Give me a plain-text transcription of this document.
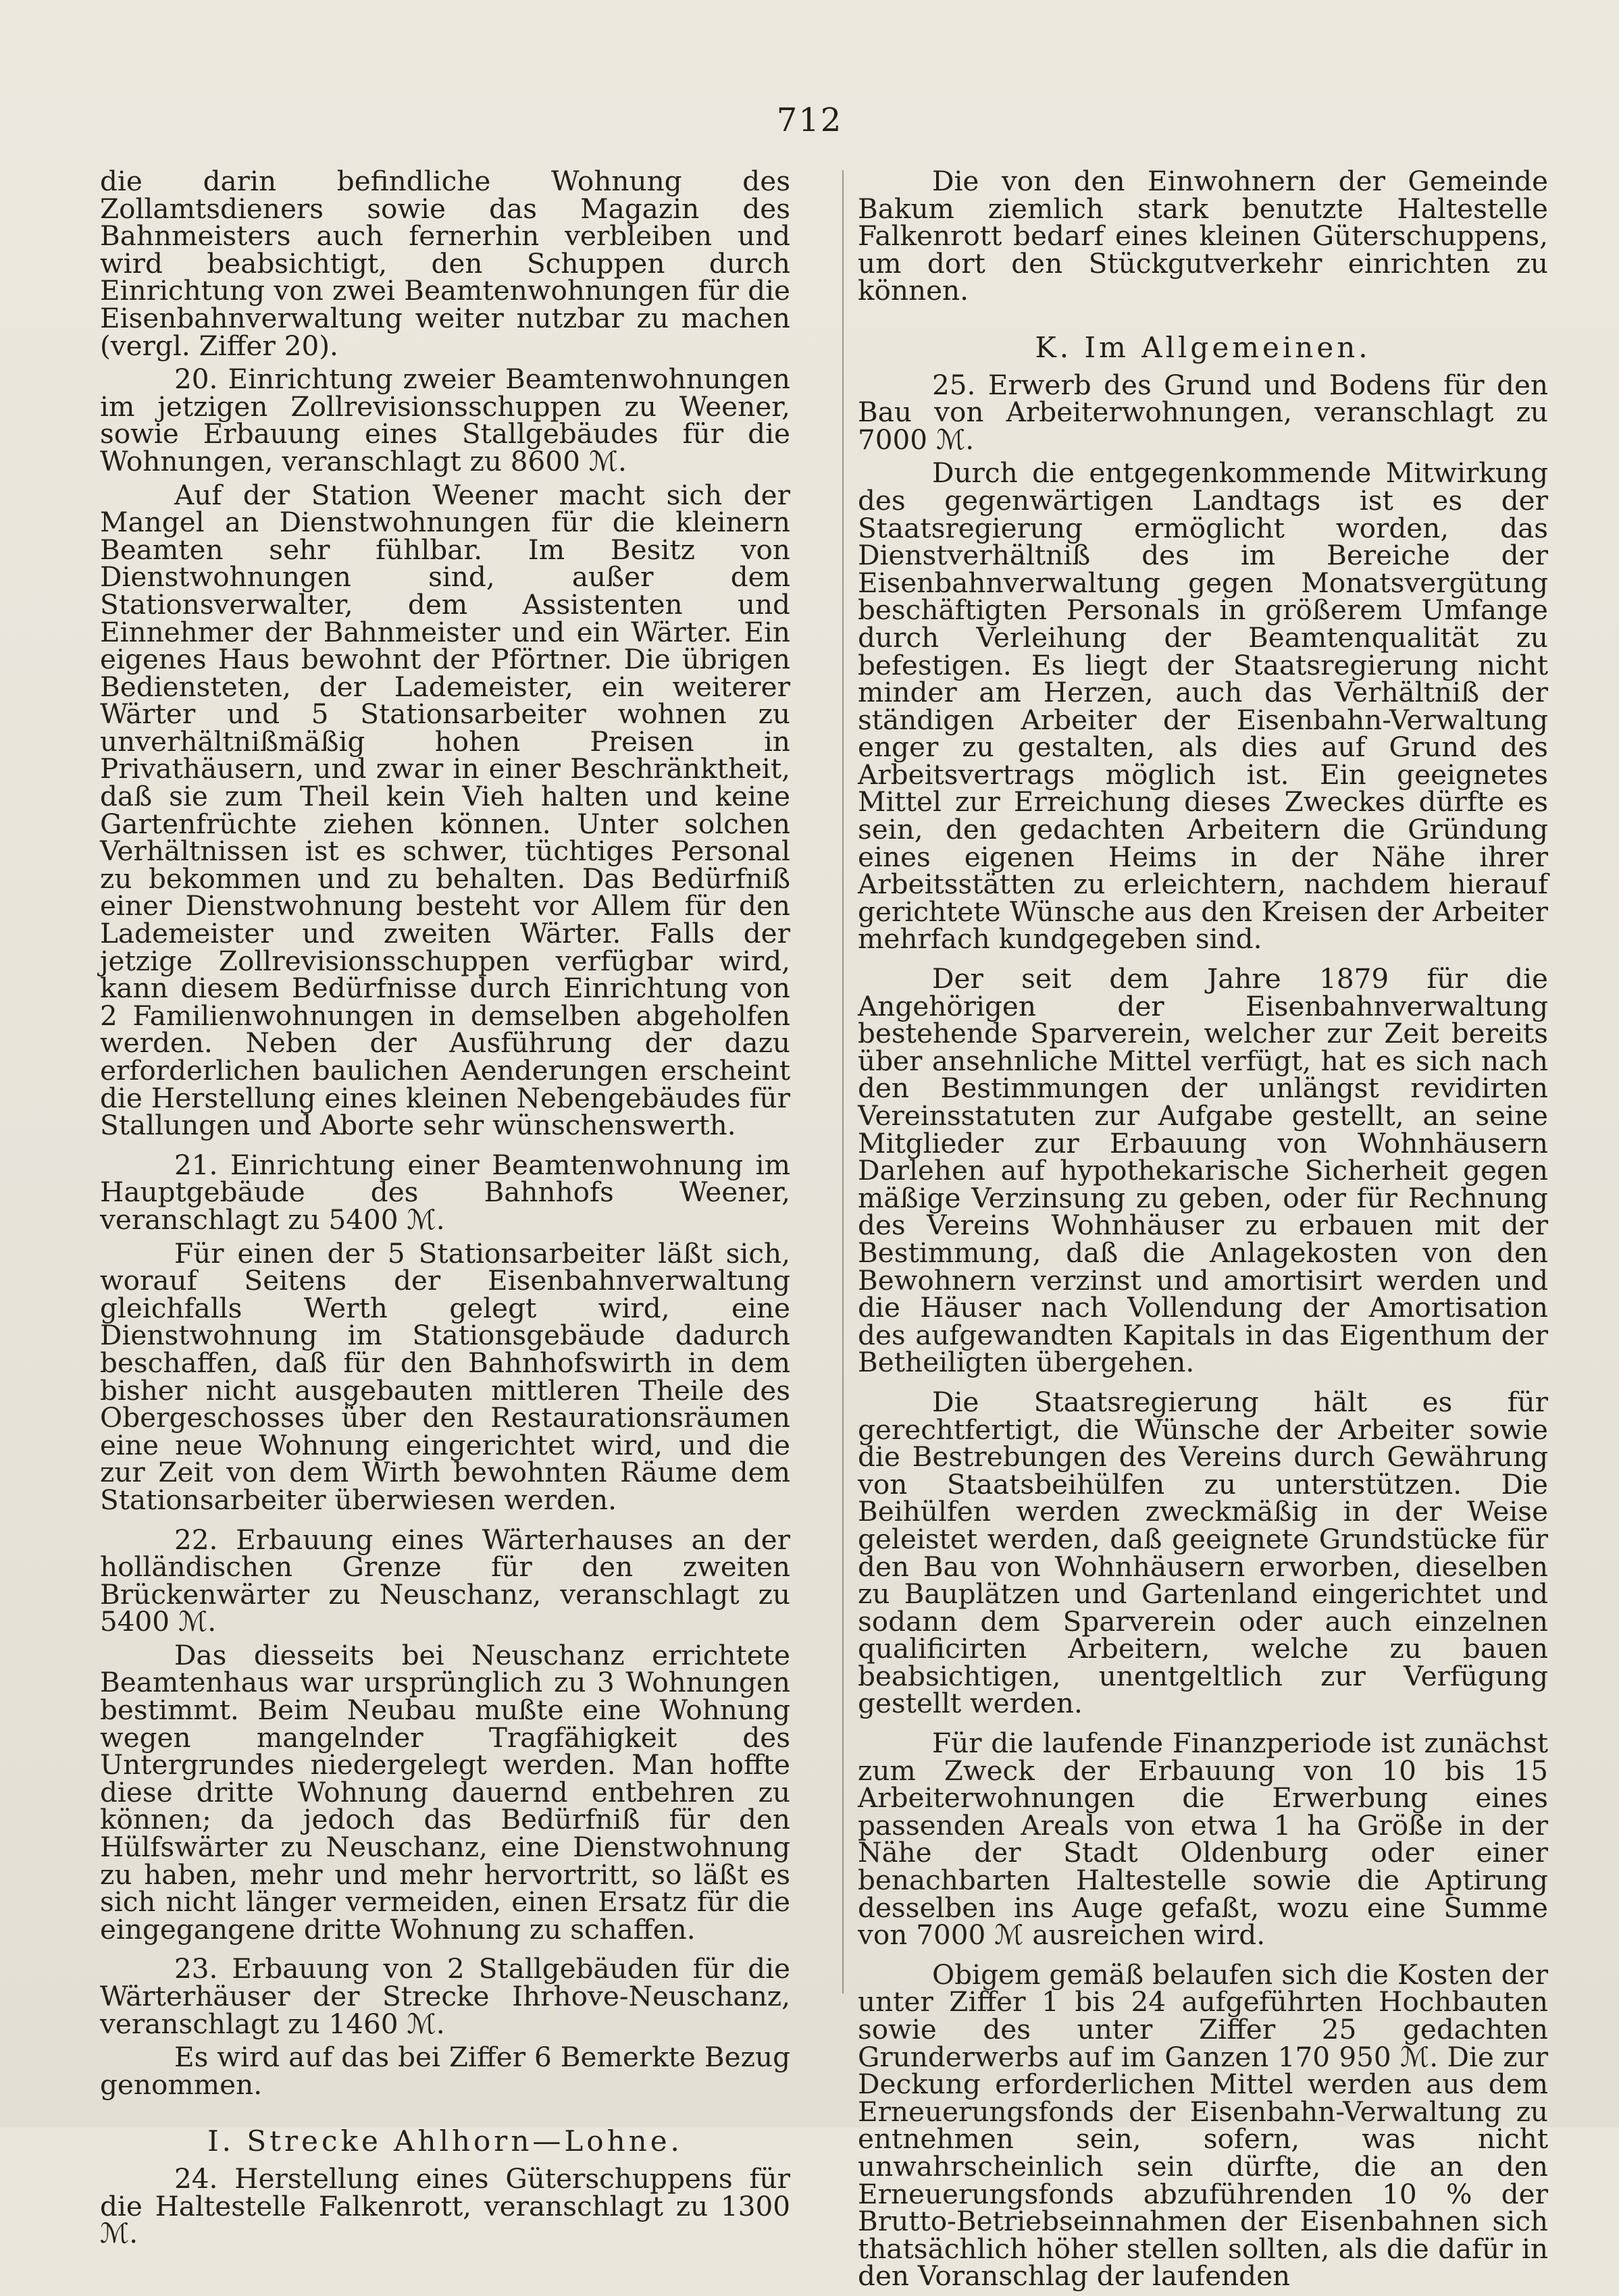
712

die darin befindliche Wohnung des Zollamtsdieners sowie das Magazin des Bahnmeisters auch fernerhin verbleiben und wird beabsichtigt, den Schuppen durch Einrichtung von zwei Beamtenwohnungen für die Eisenbahnverwaltung weiter nutzbar zu machen (vergl. Ziffer 20).

20. Einrichtung zweier Beamtenwohnungen im jetzigen Zollrevisionsschuppen zu Weener, sowie Erbauung eines Stallgebäudes für die Wohnungen, veranschlagt zu 8600 ℳ.

Auf der Station Weener macht sich der Mangel an Dienstwohnungen für die kleinern Beamten sehr fühlbar. Im Besitz von Dienstwohnungen sind, außer dem Stationsverwalter, dem Assistenten und Einnehmer der Bahnmeister und ein Wärter. Ein eigenes Haus bewohnt der Pförtner. Die übrigen Bediensteten, der Lademeister, ein weiterer Wärter und 5 Stationsarbeiter wohnen zu unverhältnißmäßig hohen Preisen in Privathäusern, und zwar in einer Beschränktheit, daß sie zum Theil kein Vieh halten und keine Gartenfrüchte ziehen können. Unter solchen Verhältnissen ist es schwer, tüchtiges Personal zu bekommen und zu behalten. Das Bedürfniß einer Dienstwohnung besteht vor Allem für den Lademeister und zweiten Wärter. Falls der jetzige Zollrevisionsschuppen verfügbar wird, kann diesem Bedürfnisse durch Einrichtung von 2 Familienwohnungen in demselben abgeholfen werden. Neben der Ausführung der dazu erforderlichen baulichen Aenderungen erscheint die Herstellung eines kleinen Nebengebäudes für Stallungen und Aborte sehr wünschenswerth.

21. Einrichtung einer Beamtenwohnung im Hauptgebäude des Bahnhofs Weener, veranschlagt zu 5400 ℳ.

Für einen der 5 Stationsarbeiter läßt sich, worauf Seitens der Eisenbahnverwaltung gleichfalls Werth gelegt wird, eine Dienstwohnung im Stationsgebäude dadurch beschaffen, daß für den Bahnhofswirth in dem bisher nicht ausgebauten mittleren Theile des Obergeschosses über den Restaurationsräumen eine neue Wohnung eingerichtet wird, und die zur Zeit von dem Wirth bewohnten Räume dem Stationsarbeiter überwiesen werden.

22. Erbauung eines Wärterhauses an der holländischen Grenze für den zweiten Brückenwärter zu Neuschanz, veranschlagt zu 5400 ℳ.

Das diesseits bei Neuschanz errichtete Beamtenhaus war ursprünglich zu 3 Wohnungen bestimmt. Beim Neubau mußte eine Wohnung wegen mangelnder Tragfähigkeit des Untergrundes niedergelegt werden. Man hoffte diese dritte Wohnung dauernd entbehren zu können; da jedoch das Bedürfniß für den Hülfswärter zu Neuschanz, eine Dienstwohnung zu haben, mehr und mehr hervortritt, so läßt es sich nicht länger vermeiden, einen Ersatz für die eingegangene dritte Wohnung zu schaffen.

23. Erbauung von 2 Stallgebäuden für die Wärterhäuser der Strecke Ihrhove-Neuschanz, veranschlagt zu 1460 ℳ.

Es wird auf das bei Ziffer 6 Bemerkte Bezug genommen.

I. Strecke Ahlhorn—Lohne.

24. Herstellung eines Güterschuppens für die Haltestelle Falkenrott, veranschlagt zu 1300 ℳ.

Die von den Einwohnern der Gemeinde Bakum ziemlich stark benutzte Haltestelle Falkenrott bedarf eines kleinen Güterschuppens, um dort den Stückgutverkehr einrichten zu können.

K. Im Allgemeinen.

25. Erwerb des Grund und Bodens für den Bau von Arbeiterwohnungen, veranschlagt zu 7000 ℳ.

Durch die entgegenkommende Mitwirkung des gegenwärtigen Landtags ist es der Staatsregierung ermöglicht worden, das Dienstverhältniß des im Bereiche der Eisenbahnverwaltung gegen Monatsvergütung beschäftigten Personals in größerem Umfange durch Verleihung der Beamtenqualität zu befestigen. Es liegt der Staatsregierung nicht minder am Herzen, auch das Verhältniß der ständigen Arbeiter der Eisenbahn-Verwaltung enger zu gestalten, als dies auf Grund des Arbeitsvertrags möglich ist. Ein geeignetes Mittel zur Erreichung dieses Zweckes dürfte es sein, den gedachten Arbeitern die Gründung eines eigenen Heims in der Nähe ihrer Arbeitsstätten zu erleichtern, nachdem hierauf gerichtete Wünsche aus den Kreisen der Arbeiter mehrfach kundgegeben sind.

Der seit dem Jahre 1879 für die Angehörigen der Eisenbahnverwaltung bestehende Sparverein, welcher zur Zeit bereits über ansehnliche Mittel verfügt, hat es sich nach den Bestimmungen der unlängst revidirten Vereinsstatuten zur Aufgabe gestellt, an seine Mitglieder zur Erbauung von Wohnhäusern Darlehen auf hypothekarische Sicherheit gegen mäßige Verzinsung zu geben, oder für Rechnung des Vereins Wohnhäuser zu erbauen mit der Bestimmung, daß die Anlagekosten von den Bewohnern verzinst und amortisirt werden und die Häuser nach Vollendung der Amortisation des aufgewandten Kapitals in das Eigenthum der Betheiligten übergehen.

Die Staatsregierung hält es für gerechtfertigt, die Wünsche der Arbeiter sowie die Bestrebungen des Vereins durch Gewährung von Staatsbeihülfen zu unterstützen. Die Beihülfen werden zweckmäßig in der Weise geleistet werden, daß geeignete Grundstücke für den Bau von Wohnhäusern erworben, dieselben zu Bauplätzen und Gartenland eingerichtet und sodann dem Sparverein oder auch einzelnen qualificirten Arbeitern, welche zu bauen beabsichtigen, unentgeltlich zur Verfügung gestellt werden.

Für die laufende Finanzperiode ist zunächst zum Zweck der Erbauung von 10 bis 15 Arbeiterwohnungen die Erwerbung eines passenden Areals von etwa 1 ha Größe in der Nähe der Stadt Oldenburg oder einer benachbarten Haltestelle sowie die Aptirung desselben ins Auge gefaßt, wozu eine Summe von 7000 ℳ ausreichen wird.

Obigem gemäß belaufen sich die Kosten der unter Ziffer 1 bis 24 aufgeführten Hochbauten sowie des unter Ziffer 25 gedachten Grunderwerbs auf im Ganzen 170 950 ℳ. Die zur Deckung erforderlichen Mittel werden aus dem Erneuerungsfonds der Eisenbahn-Verwaltung zu entnehmen sein, sofern, was nicht unwahrscheinlich sein dürfte, die an den Erneuerungsfonds abzuführenden 10 % der Brutto-Betriebseinnahmen der Eisenbahnen sich thatsächlich höher stellen sollten, als die dafür in den Voranschlag der laufenden
